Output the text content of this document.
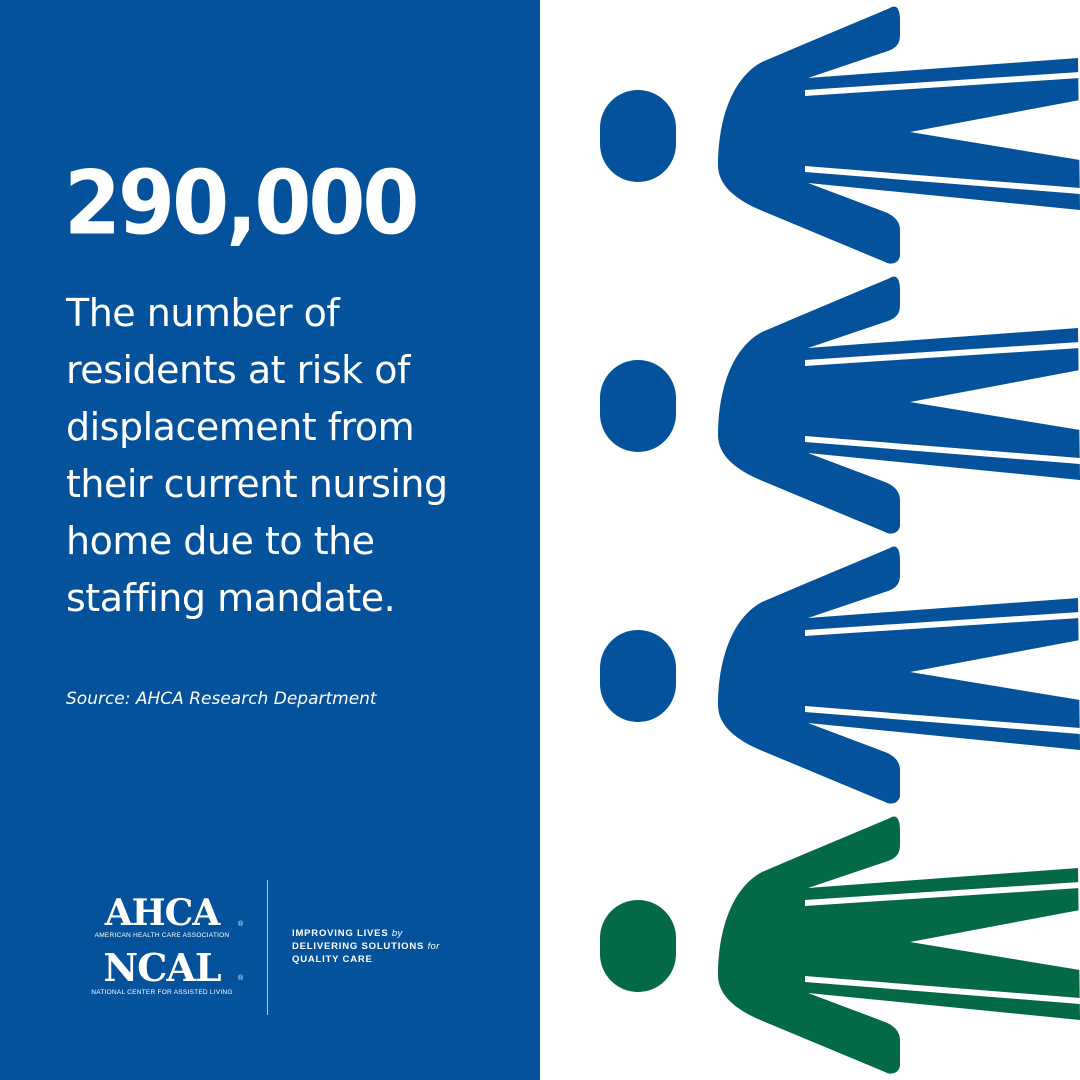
290,000
The number of residents at risk of displacement from their current nursing home due to the staffing mandate.
Source: AHCA Research Department
AHCA	®
AMERICAN HEALTH CARE ASSOCIATION
NCAL	®
NATIONAL CENTER FOR ASSISTED LIVING
IMPROVING LIVES by
DELIVERING SOLUTIONS for
QUALITY CARE
